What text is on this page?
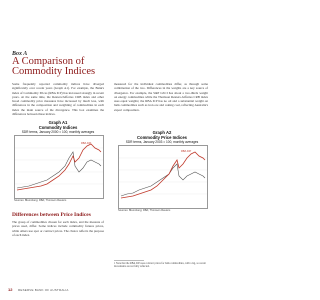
Box A
A Comparison of
Commodity Indices
Some frequently reported commodity indices have diverged significantly over recent years (Graph A1). For example, the Bank's index of Commodity Prices (RBA ICP) has increased strongly in recent years. At the same time, the Reuters/Jefferies CRB index and other broad commodity price measures have increased by much less, with differences in the composition and weighting of commodities in each index the main source of the divergence. This box examines the differences between these indices.
measured for the individual commodities differ, as through some combination of the two. Differences in the weights are a key source of divergence. For example, the S&P GSCI has about a two-thirds weight on energy commodities while the Thomson Reuters-Jefferies CRB index uses equal weights; the RBA ICP has no oil and a substantial weight on bulk commodities such as iron ore and coking coal, reflecting Australia's export composition.
Graph A1
Commodity Indices
SDR terms, January 2000 = 100, monthly averages
RBA ICP
Sources: Bloomberg; RBA; Thomson Reuters
Graph A2
Commodity Price Indices
SDR terms, January 2003 = 100, monthly averages
RBA ICP
Sources: Bloomberg; RBA; Thomson Reuters
Differences between Price Indices
The group of commodities chosen for each index, and the measure of prices used, differ. Some indices include commodity futures prices, while others use spot or contract prices. The choice reflects the purpose of each index.
1 Note that the RBA ICP uses contract prices for bulk commodities, with a lag, so recent movements are not fully reflected.
12 RESERVE BANK OF AUSTRALIA
